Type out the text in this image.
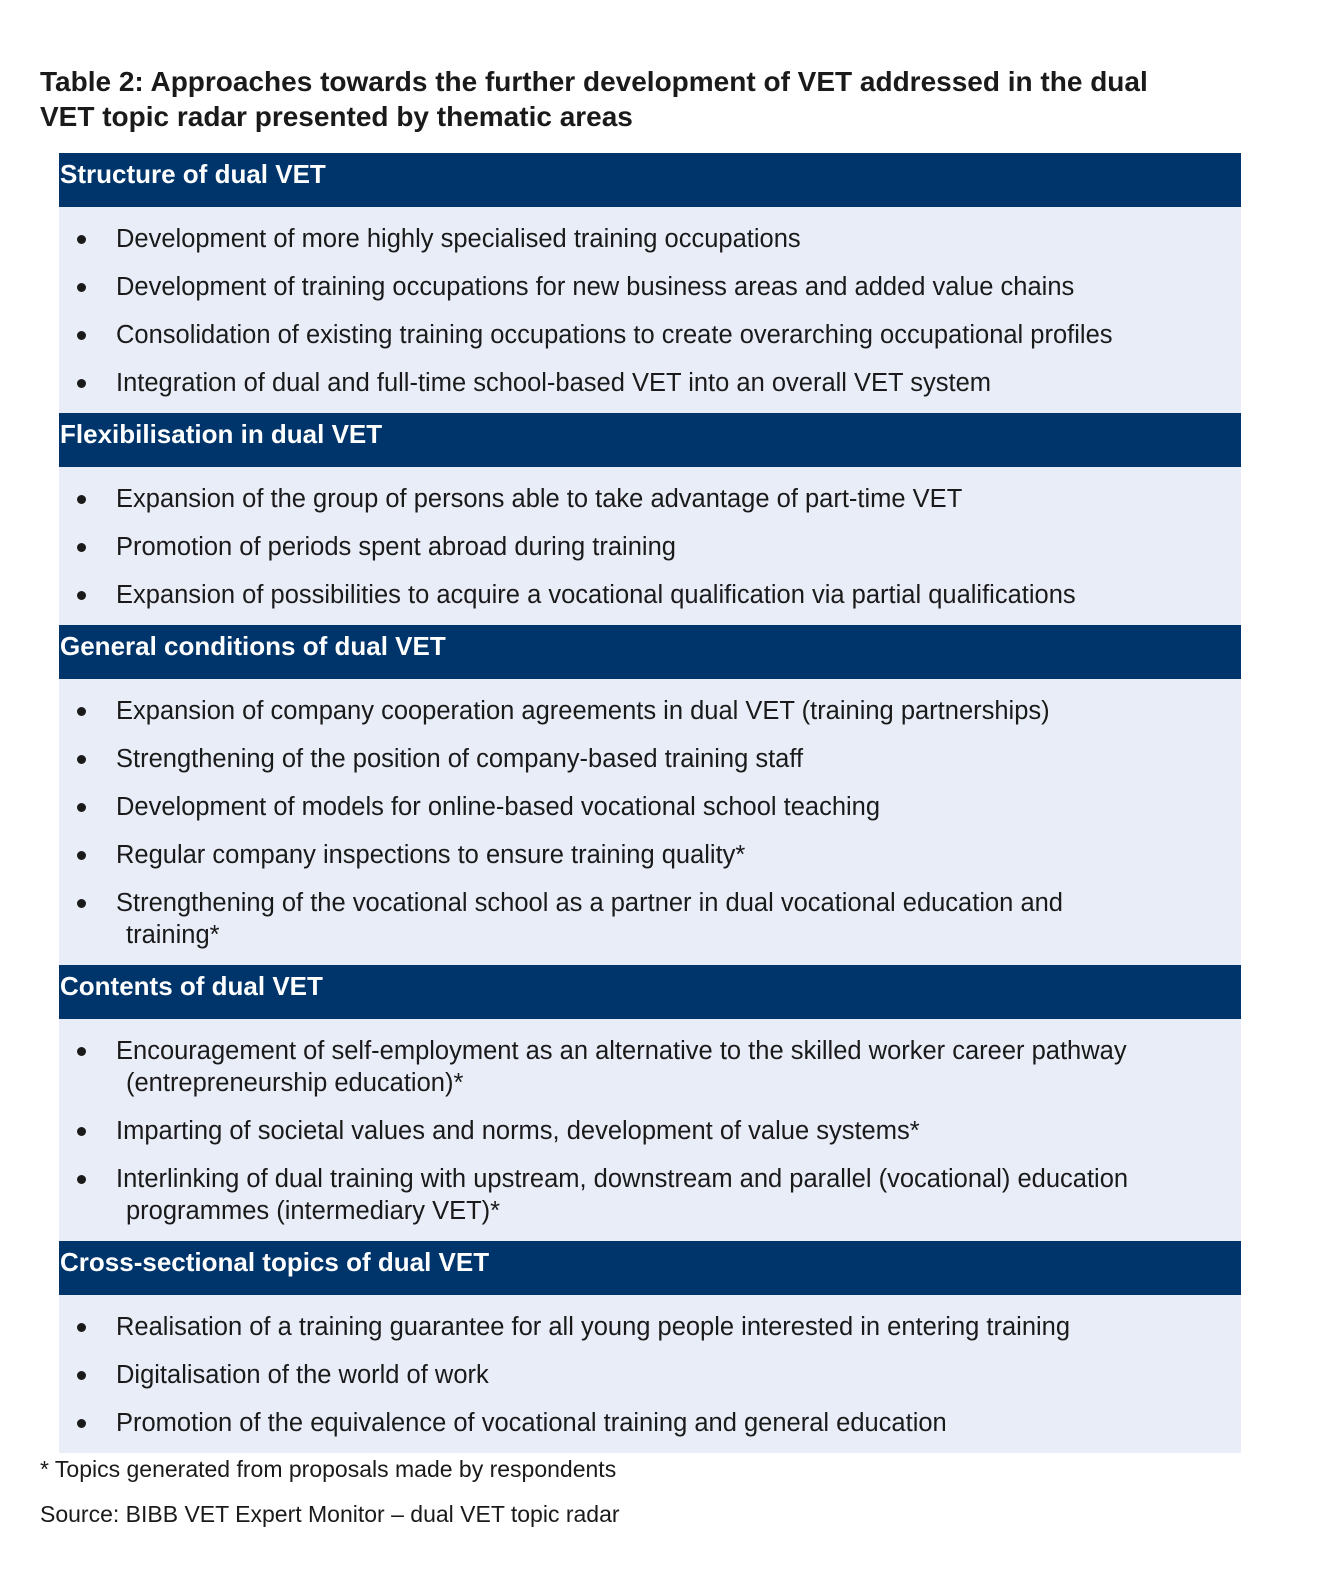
Table 2: Approaches towards the further development of VET addressed in the dual
VET topic radar presented by thematic areas
Structure of dual VET
Development of more highly specialised training occupations
Development of training occupations for new business areas and added value chains
Consolidation of existing training occupations to create overarching occupational profiles
Integration of dual and full-time school-based VET into an overall VET system
Flexibilisation in dual VET
Expansion of the group of persons able to take advantage of part-time VET
Promotion of periods spent abroad during training
Expansion of possibilities to acquire a vocational qualification via partial qualifications
General conditions of dual VET
Expansion of company cooperation agreements in dual VET (training partnerships)
Strengthening of the position of company-based training staff
Development of models for online-based vocational school teaching
Regular company inspections to ensure training quality*
Strengthening of the vocational school as a partner in dual vocational education and
training*
Contents of dual VET
Encouragement of self-employment as an alternative to the skilled worker career pathway
(entrepreneurship education)*
Imparting of societal values and norms, development of value systems*
Interlinking of dual training with upstream, downstream and parallel (vocational) education
programmes (intermediary VET)*
Cross-sectional topics of dual VET
Realisation of a training guarantee for all young people interested in entering training
Digitalisation of the world of work
Promotion of the equivalence of vocational training and general education
* Topics generated from proposals made by respondents
Source: BIBB VET Expert Monitor – dual VET topic radar
